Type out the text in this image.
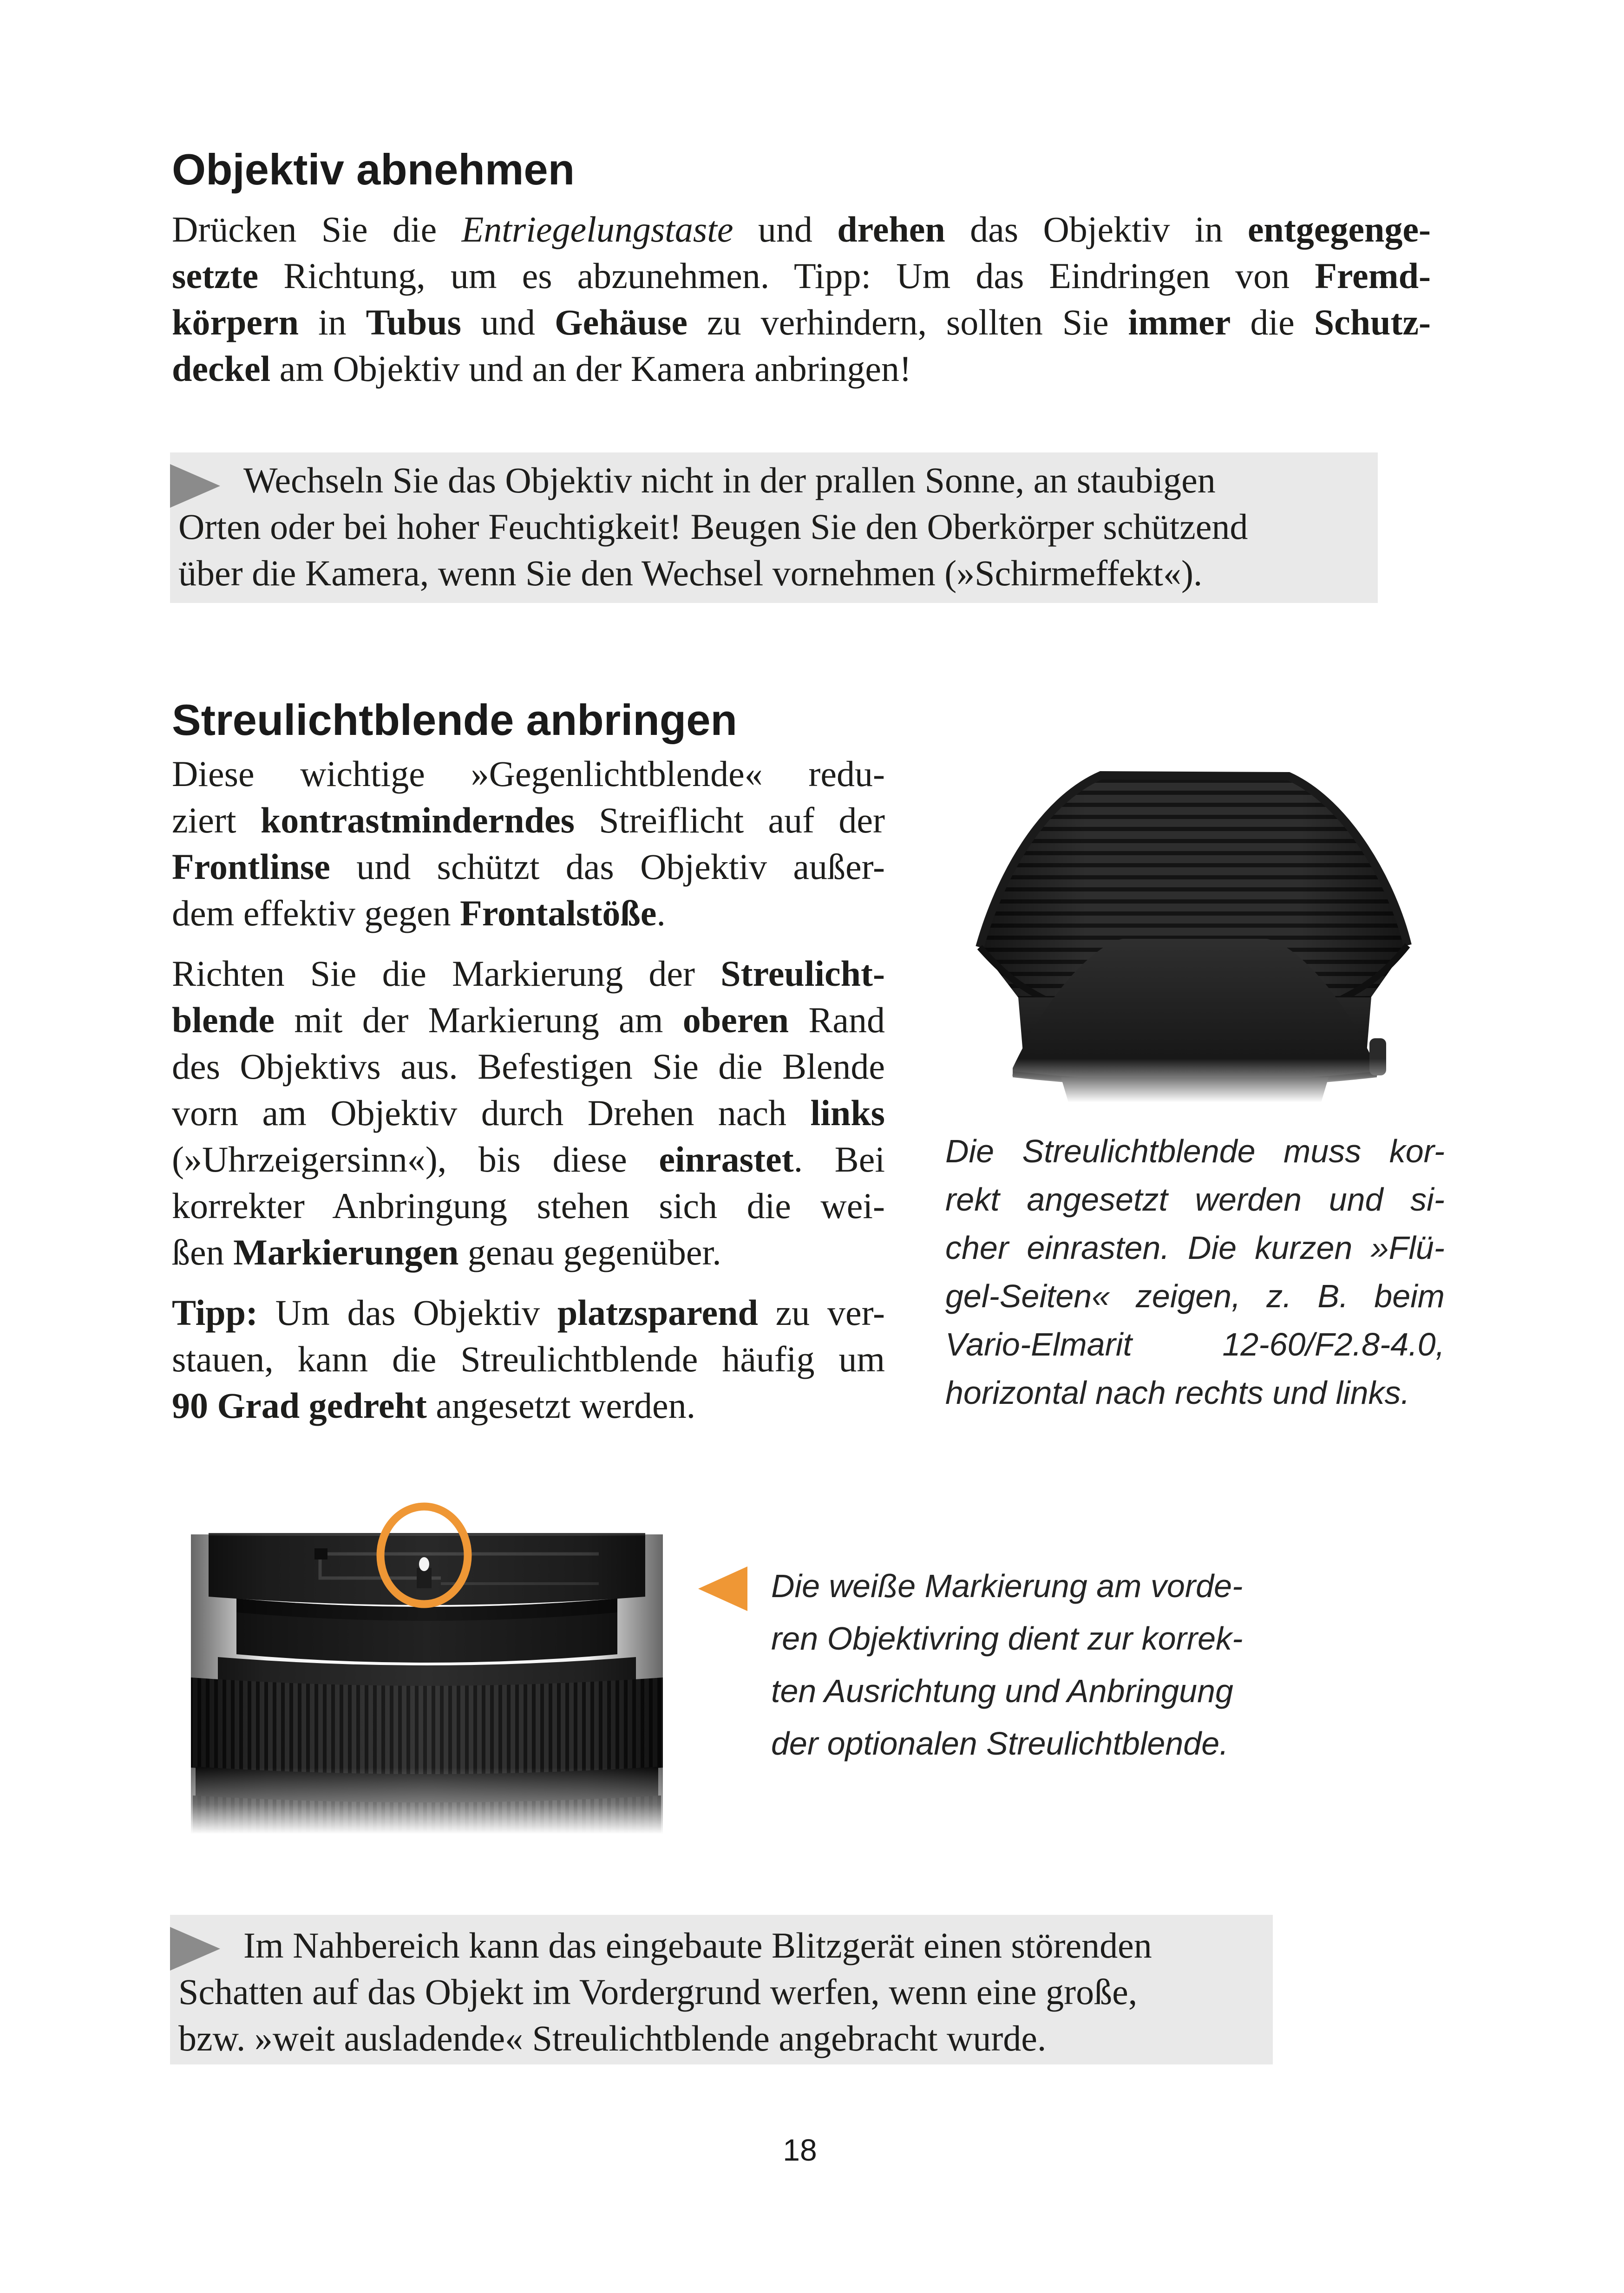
Objektiv abnehmen
Drücken Sie die Entriegelungstaste und drehen das Objektiv in entgegenge-
setzte Richtung, um es abzunehmen. Tipp: Um das Eindringen von Fremd-
körpern in Tubus und Gehäuse zu verhindern, sollten Sie immer die Schutz-
deckel am Objektiv und an der Kamera anbringen!
Wechseln Sie das Objektiv nicht in der prallen Sonne, an staubigen
Orten oder bei hoher Feuchtigkeit! Beugen Sie den Oberkörper schützend
über die Kamera, wenn Sie den Wechsel vornehmen (»Schirmeffekt«).
Streulichtblende anbringen
Diese wichtige »Gegenlichtblende« redu-
ziert kontrastminderndes Streiflicht auf der
Frontlinse und schützt das Objektiv außer-
dem effektiv gegen Frontalstöße.
Richten Sie die Markierung der Streulicht-
blende mit der Markierung am oberen Rand
des Objektivs aus. Befestigen Sie die Blende
vorn am Objektiv durch Drehen nach links
(»Uhrzeigersinn«), bis diese einrastet. Bei
korrekter Anbringung stehen sich die wei-
ßen Markierungen genau gegenüber.
Tipp: Um das Objektiv platzsparend zu ver-
stauen, kann die Streulichtblende häufig um
90 Grad gedreht angesetzt werden.
Die Streulichtblende muss kor-
rekt angesetzt werden und si-
cher einrasten. Die kurzen »Flü-
gel-Seiten« zeigen, z. B. beim
Vario-Elmarit 12-60/F2.8-4.0,
horizontal nach rechts und links.
Die weiße Markierung am vorde-
ren Objektivring dient zur korrek-
ten Ausrichtung und Anbringung
der optionalen Streulichtblende.
Im Nahbereich kann das eingebaute Blitzgerät einen störenden
Schatten auf das Objekt im Vordergrund werfen, wenn eine große,
bzw. »weit ausladende« Streulichtblende angebracht wurde.
18
